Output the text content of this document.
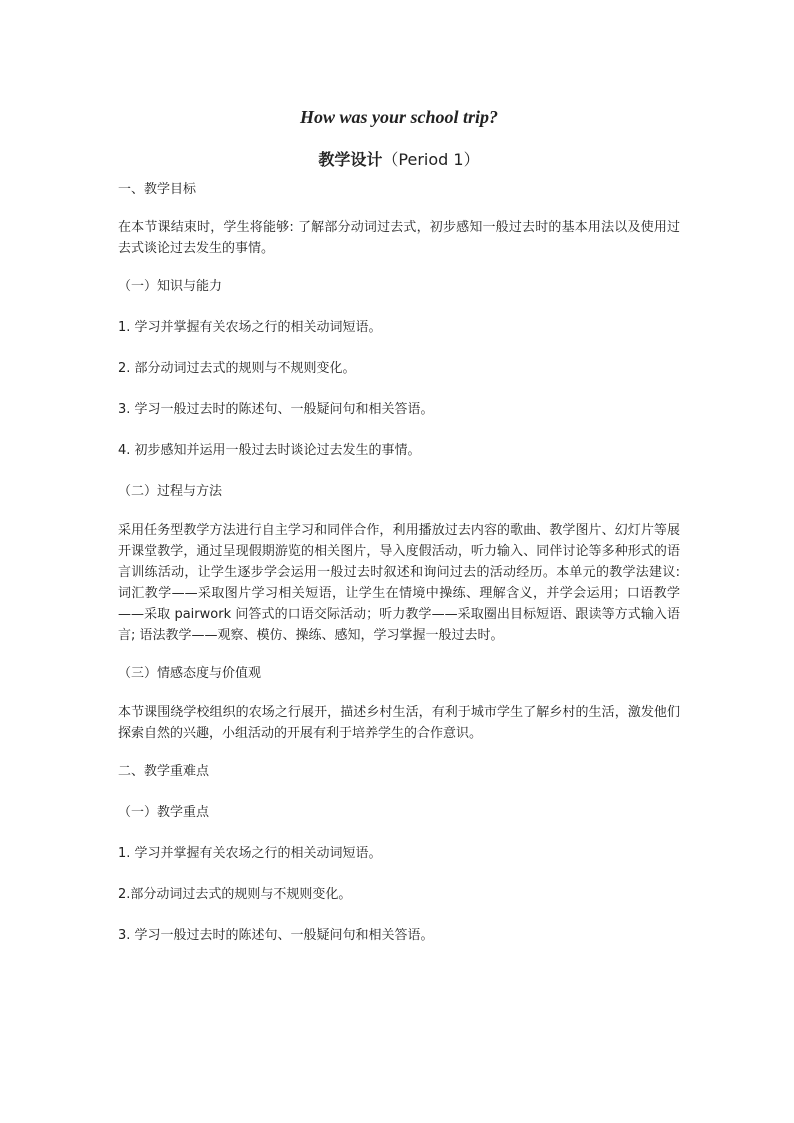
How was your school trip?
教学设计（Period 1）

一、教学目标

在本节课结束时，学生将能够: 了解部分动词过去式，初步感知一般过去时的基本用法以及使用过去式谈论过去发生的事情。

（一）知识与能力

1. 学习并掌握有关农场之行的相关动词短语。

2. 部分动词过去式的规则与不规则变化。

3. 学习一般过去时的陈述句、一般疑问句和相关答语。

4. 初步感知并运用一般过去时谈论过去发生的事情。

（二）过程与方法

采用任务型教学方法进行自主学习和同伴合作，利用播放过去内容的歌曲、教学图片、幻灯片等展开课堂教学，通过呈现假期游览的相关图片，导入度假活动，听力输入、同伴讨论等多种形式的语言训练活动，让学生逐步学会运用一般过去时叙述和询问过去的活动经历。本单元的教学法建议: 词汇教学——采取图片学习相关短语，让学生在情境中操练、理解含义，并学会运用；口语教学——采取 pairwork 问答式的口语交际活动；听力教学——采取圈出目标短语、跟读等方式输入语言; 语法教学——观察、模仿、操练、感知，学习掌握一般过去时。

（三）情感态度与价值观

本节课围绕学校组织的农场之行展开，描述乡村生活，有利于城市学生了解乡村的生活，激发他们探索自然的兴趣，小组活动的开展有利于培养学生的合作意识。

二、教学重难点

（一）教学重点

1. 学习并掌握有关农场之行的相关动词短语。

2.部分动词过去式的规则与不规则变化。

3. 学习一般过去时的陈述句、一般疑问句和相关答语。
